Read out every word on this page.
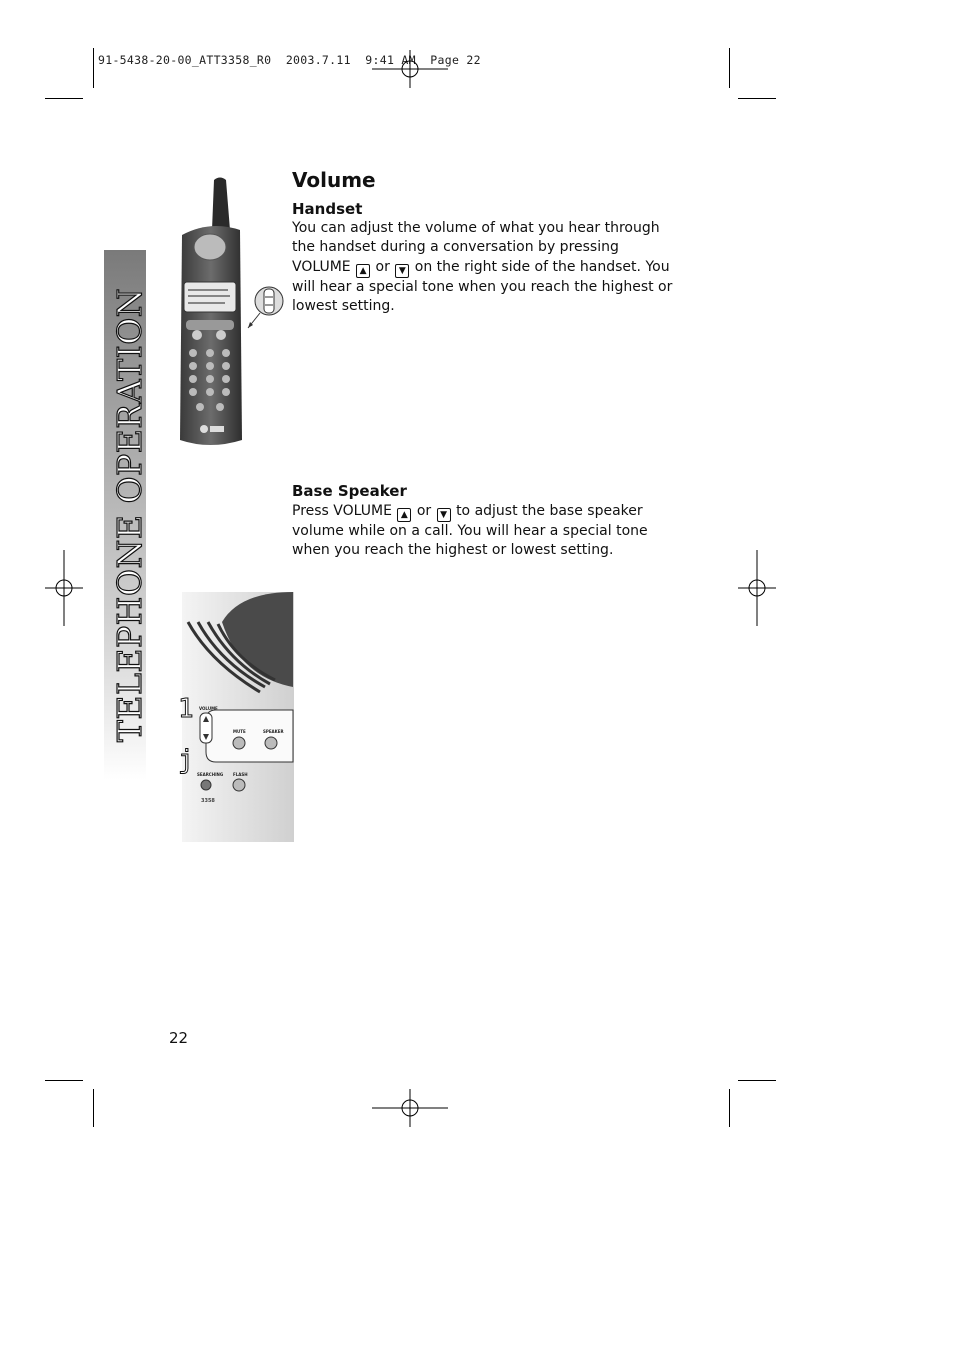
91-5438-20-00_ATT3358_R0  2003.7.11  9:41 AM  Page 22
TELEPHONE OPERATION 1
j
VOLUME
MUTE	SPEAKER
SEARCHING FLASH
3358
Volume
Handset

You can adjust the volume of what you hear through the handset during a conversation by pressing VOLUME ▲ or ▼ on the right side of the handset. You will hear a special tone when you reach the highest or lowest setting.

Base Speaker

Press VOLUME ▲ or ▼ to adjust the base speaker volume while on a call. You will hear a special tone when you reach the highest or lowest setting.

22
